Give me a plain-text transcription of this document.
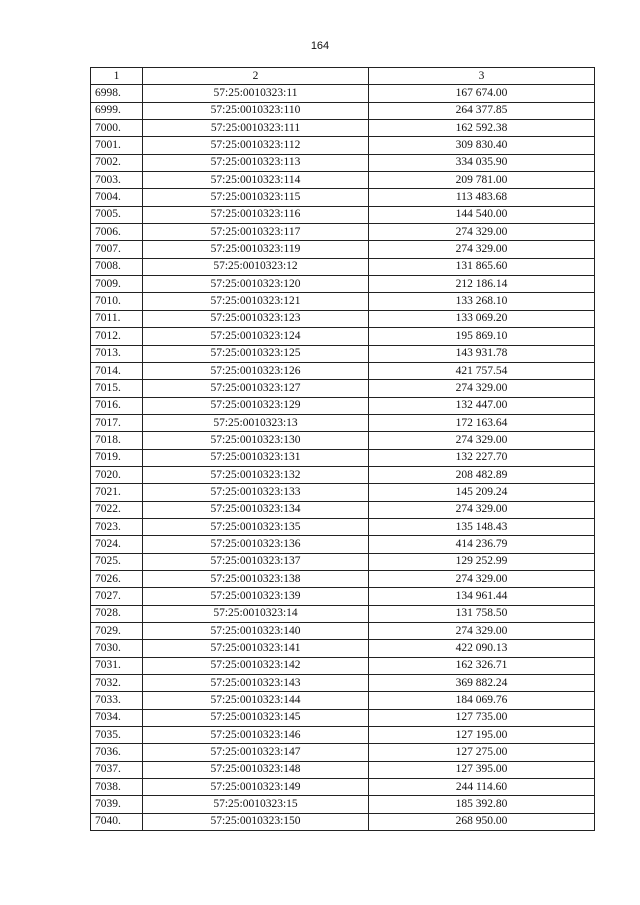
164
1	2	3
6998.	57:25:0010323:11	167 674.00
6999.	57:25:0010323:110	264 377.85
7000.	57:25:0010323:111	162 592.38
7001.	57:25:0010323:112	309 830.40
7002.	57:25:0010323:113	334 035.90
7003.	57:25:0010323:114	209 781.00
7004.	57:25:0010323:115	113 483.68
7005.	57:25:0010323:116	144 540.00
7006.	57:25:0010323:117	274 329.00
7007.	57:25:0010323:119	274 329.00
7008.	57:25:0010323:12	131 865.60
7009.	57:25:0010323:120	212 186.14
7010.	57:25:0010323:121	133 268.10
7011.	57:25:0010323:123	133 069.20
7012.	57:25:0010323:124	195 869.10
7013.	57:25:0010323:125	143 931.78
7014.	57:25:0010323:126	421 757.54
7015.	57:25:0010323:127	274 329.00
7016.	57:25:0010323:129	132 447.00
7017.	57:25:0010323:13	172 163.64
7018.	57:25:0010323:130	274 329.00
7019.	57:25:0010323:131	132 227.70
7020.	57:25:0010323:132	208 482.89
7021.	57:25:0010323:133	145 209.24
7022.	57:25:0010323:134	274 329.00
7023.	57:25:0010323:135	135 148.43
7024.	57:25:0010323:136	414 236.79
7025.	57:25:0010323:137	129 252.99
7026.	57:25:0010323:138	274 329.00
7027.	57:25:0010323:139	134 961.44
7028.	57:25:0010323:14	131 758.50
7029.	57:25:0010323:140	274 329.00
7030.	57:25:0010323:141	422 090.13
7031.	57:25:0010323:142	162 326.71
7032.	57:25:0010323:143	369 882.24
7033.	57:25:0010323:144	184 069.76
7034.	57:25:0010323:145	127 735.00
7035.	57:25:0010323:146	127 195.00
7036.	57:25:0010323:147	127 275.00
7037.	57:25:0010323:148	127 395.00
7038.	57:25:0010323:149	244 114.60
7039.	57:25:0010323:15	185 392.80
7040.	57:25:0010323:150	268 950.00
